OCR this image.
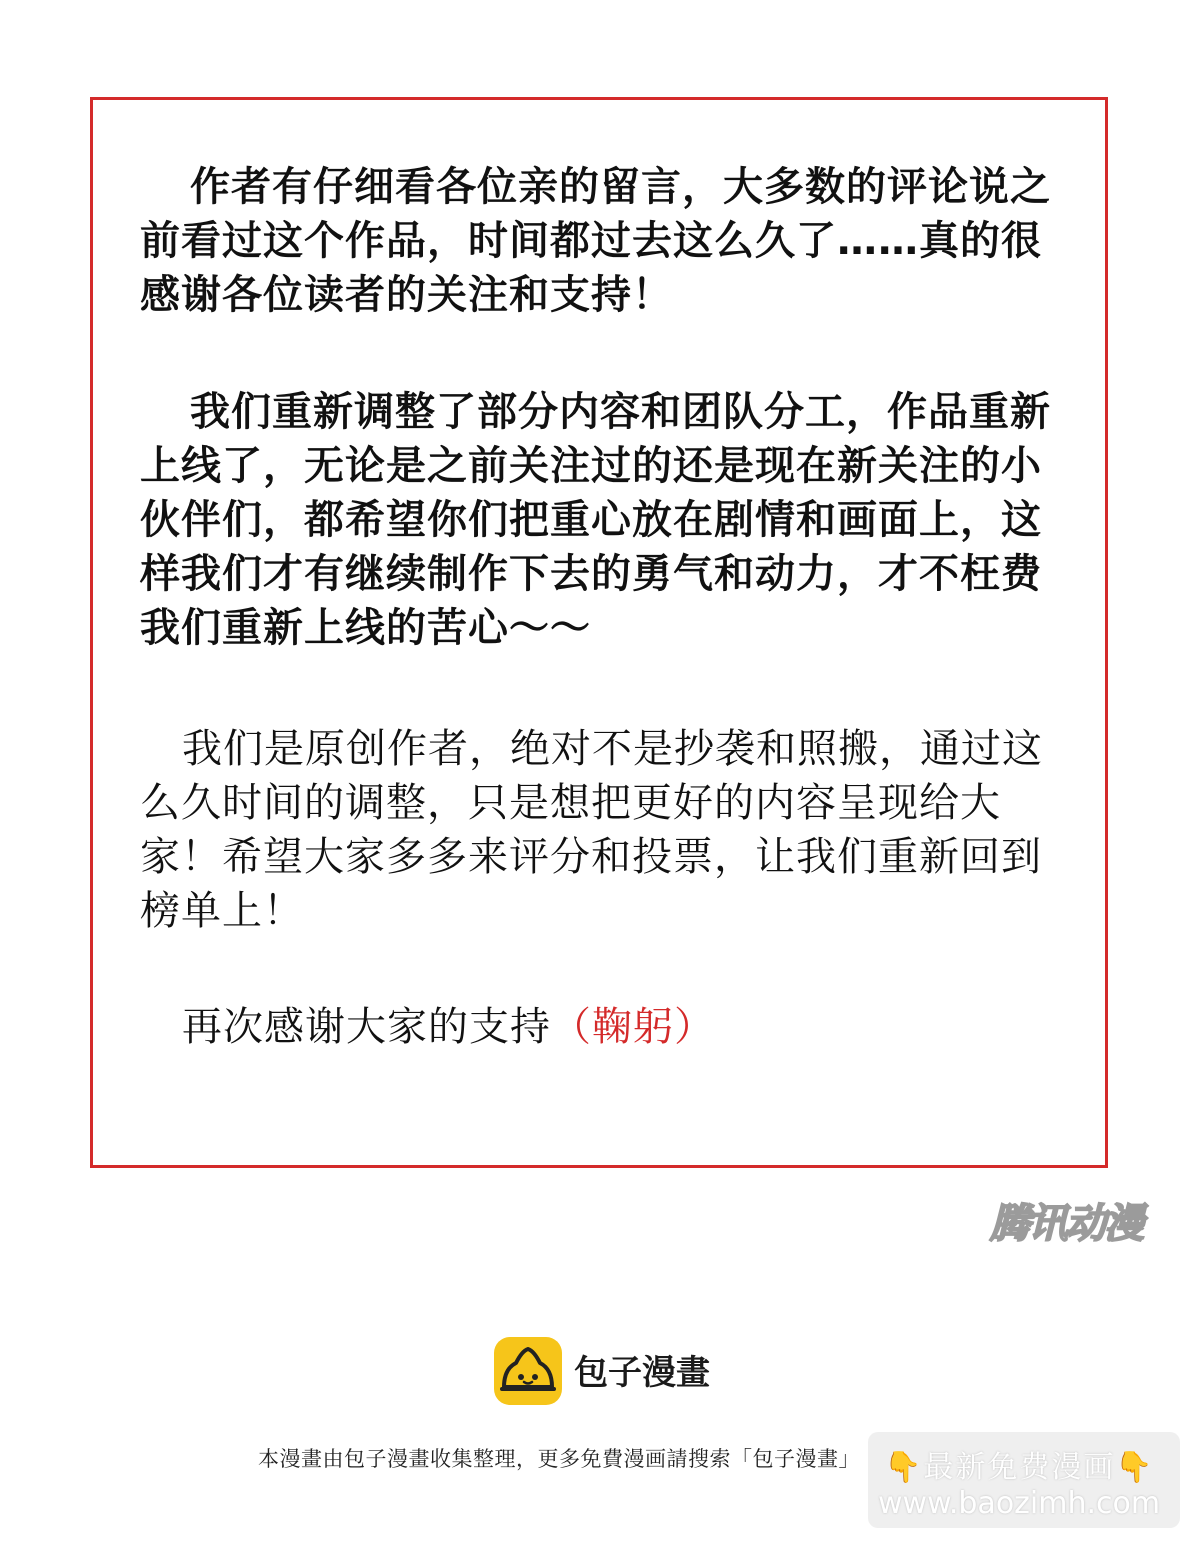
作者有仔细看各位亲的留言，大多数的评论说之前看过这个作品，时间都过去这么久了……真的很感谢各位读者的关注和支持！

我们重新调整了部分内容和团队分工，作品重新上线了，无论是之前关注过的还是现在新关注的小伙伴们，都希望你们把重心放在剧情和画面上，这样我们才有继续制作下去的勇气和动力，才不枉费我们重新上线的苦心～～

我们是原创作者，绝对不是抄袭和照搬，通过这么久时间的调整，只是想把更好的内容呈现给大家！希望大家多多来评分和投票，让我们重新回到榜单上！

再次感谢大家的支持（鞠躬）

腾讯动漫
包子漫畫
本漫畫由包子漫畫收集整理，更多免費漫画請搜索「包子漫畫」 👇最新免费漫画👇
www.baozimh.com
